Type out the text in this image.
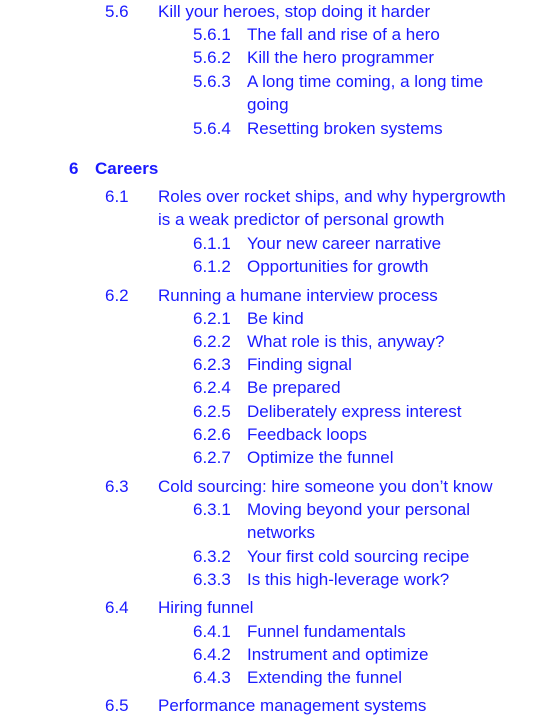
5.6 Kill your heroes, stop doing it harder
5.6.1 The fall and rise of a hero
5.6.2 Kill the hero programmer
5.6.3 A long time coming, a long time
going
5.6.4 Resetting broken systems
6 Careers
6.1 Roles over rocket ships, and why hypergrowth
is a weak predictor of personal growth
6.1.1 Your new career narrative
6.1.2 Opportunities for growth
6.2 Running a humane interview process
6.2.1 Be kind
6.2.2 What role is this, anyway?
6.2.3 Finding signal
6.2.4 Be prepared
6.2.5 Deliberately express interest
6.2.6 Feedback loops
6.2.7 Optimize the funnel
6.3 Cold sourcing: hire someone you don’t know
6.3.1 Moving beyond your personal
networks
6.3.2 Your first cold sourcing recipe
6.3.3 Is this high-leverage work?
6.4 Hiring funnel
6.4.1 Funnel fundamentals
6.4.2 Instrument and optimize
6.4.3 Extending the funnel
6.5 Performance management systems
